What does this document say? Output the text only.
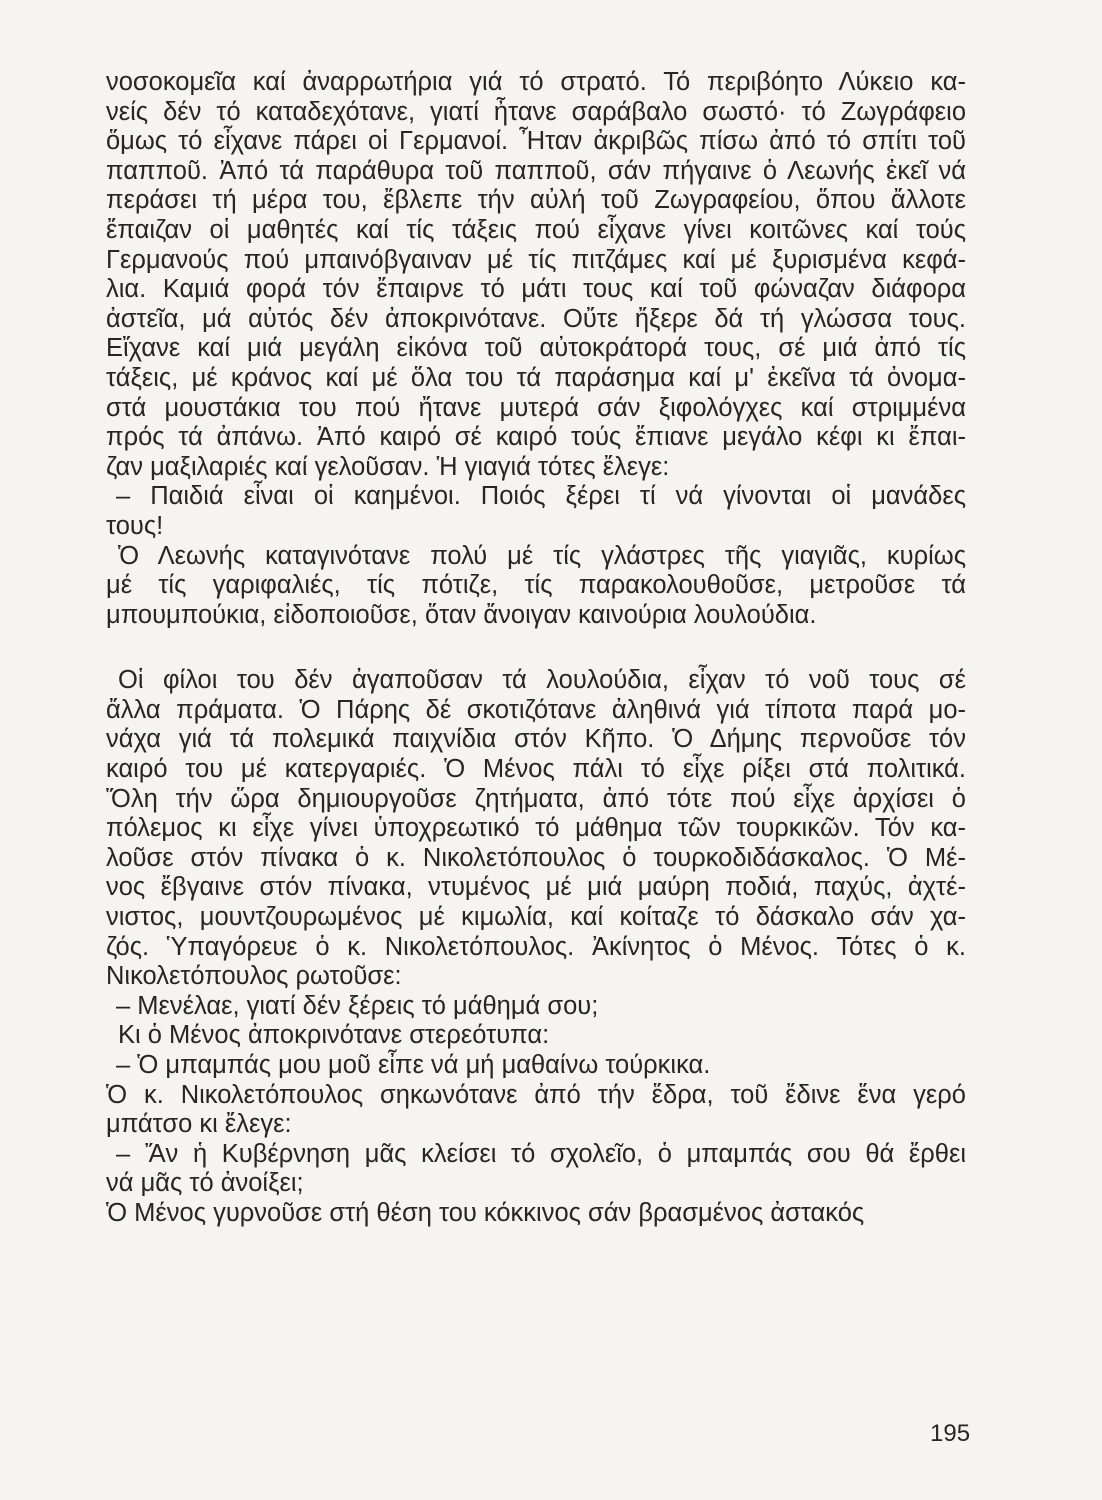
νοσοκομεῖα καί ἀναρρωτήρια γιά τό στρατό. Τό περιβόητο Λύκειο κα-
νείς δέν τό καταδεχότανε, γιατί ἦτανε σαράβαλο σωστό· τό Ζωγράφειο
ὅμως τό εἶχανε πάρει οἱ Γερμανοί. Ἦταν ἀκριβῶς πίσω ἀπό τό σπίτι τοῦ
παπποῦ. Ἀπό τά παράθυρα τοῦ παπποῦ, σάν πήγαινε ὁ Λεωνής ἐκεῖ νά
περάσει τή μέρα του, ἔβλεπε τήν αὐλή τοῦ Ζωγραφείου, ὅπου ἄλλοτε
ἔπαιζαν οἱ μαθητές καί τίς τάξεις πού εἶχανε γίνει κοιτῶνες καί τούς
Γερμανούς πού μπαινόβγαιναν μέ τίς πιτζάμες καί μέ ξυρισμένα κεφά-
λια. Καμιά φορά τόν ἔπαιρνε τό μάτι τους καί τοῦ φώναζαν διάφορα
ἀστεῖα, μά αὐτός δέν ἀποκρινότανε. Οὔτε ἤξερε δά τή γλώσσα τους.
Εἴχανε καί μιά μεγάλη εἰκόνα τοῦ αὐτοκράτορά τους, σέ μιά ἀπό τίς
τάξεις, μέ κράνος καί μέ ὅλα του τά παράσημα καί μ' ἐκεῖνα τά ὀνομα-
στά μουστάκια του πού ἤτανε μυτερά σάν ξιφολόγχες καί στριμμένα
πρός τά ἀπάνω. Ἀπό καιρό σέ καιρό τούς ἔπιανε μεγάλο κέφι κι ἔπαι-
ζαν μαξιλαριές καί γελοῦσαν. Ἡ γιαγιά τότες ἔλεγε:
– Παιδιά εἶναι οἱ καημένοι. Ποιός ξέρει τί νά γίνονται οἱ μανάδες
τους!
Ὁ Λεωνής καταγινότανε πολύ μέ τίς γλάστρες τῆς γιαγιᾶς, κυρίως
μέ τίς γαριφαλιές, τίς πότιζε, τίς παρακολουθοῦσε, μετροῦσε τά
μπουμπούκια, εἰδοποιοῦσε, ὅταν ἄνοιγαν καινούρια λουλούδια.
Οἱ φίλοι του δέν ἀγαποῦσαν τά λουλούδια, εἶχαν τό νοῦ τους σέ
ἄλλα πράματα. Ὁ Πάρης δέ σκοτιζότανε ἀληθινά γιά τίποτα παρά μο-
νάχα γιά τά πολεμικά παιχνίδια στόν Κῆπο. Ὁ Δήμης περνοῦσε τόν
καιρό του μέ κατεργαριές. Ὁ Μένος πάλι τό εἶχε ρίξει στά πολιτικά.
Ὅλη τήν ὥρα δημιουργοῦσε ζητήματα, ἀπό τότε πού εἶχε ἀρχίσει ὁ
πόλεμος κι εἶχε γίνει ὑποχρεωτικό τό μάθημα τῶν τουρκικῶν. Τόν κα-
λοῦσε στόν πίνακα ὁ κ. Νικολετόπουλος ὁ τουρκοδιδάσκαλος. Ὁ Μέ-
νος ἔβγαινε στόν πίνακα, ντυμένος μέ μιά μαύρη ποδιά, παχύς, ἀχτέ-
νιστος, μουντζουρωμένος μέ κιμωλία, καί κοίταζε τό δάσκαλο σάν χα-
ζός. Ὑπαγόρευε ὁ κ. Νικολετόπουλος. Ἀκίνητος ὁ Μένος. Τότες ὁ κ.
Νικολετόπουλος ρωτοῦσε:
– Μενέλαε, γιατί δέν ξέρεις τό μάθημά σου;
Κι ὁ Μένος ἀποκρινότανε στερεότυπα:
– Ὁ μπαμπάς μου μοῦ εἶπε νά μή μαθαίνω τούρκικα.
Ὁ κ. Νικολετόπουλος σηκωνότανε ἀπό τήν ἕδρα, τοῦ ἔδινε ἕνα γερό
μπάτσο κι ἔλεγε:
– Ἄν ἡ Κυβέρνηση μᾶς κλείσει τό σχολεῖο, ὁ μπαμπάς σου θά ἔρθει
νά μᾶς τό ἀνοίξει;
Ὁ Μένος γυρνοῦσε στή θέση του κόκκινος σάν βρασμένος ἀστακός
195
